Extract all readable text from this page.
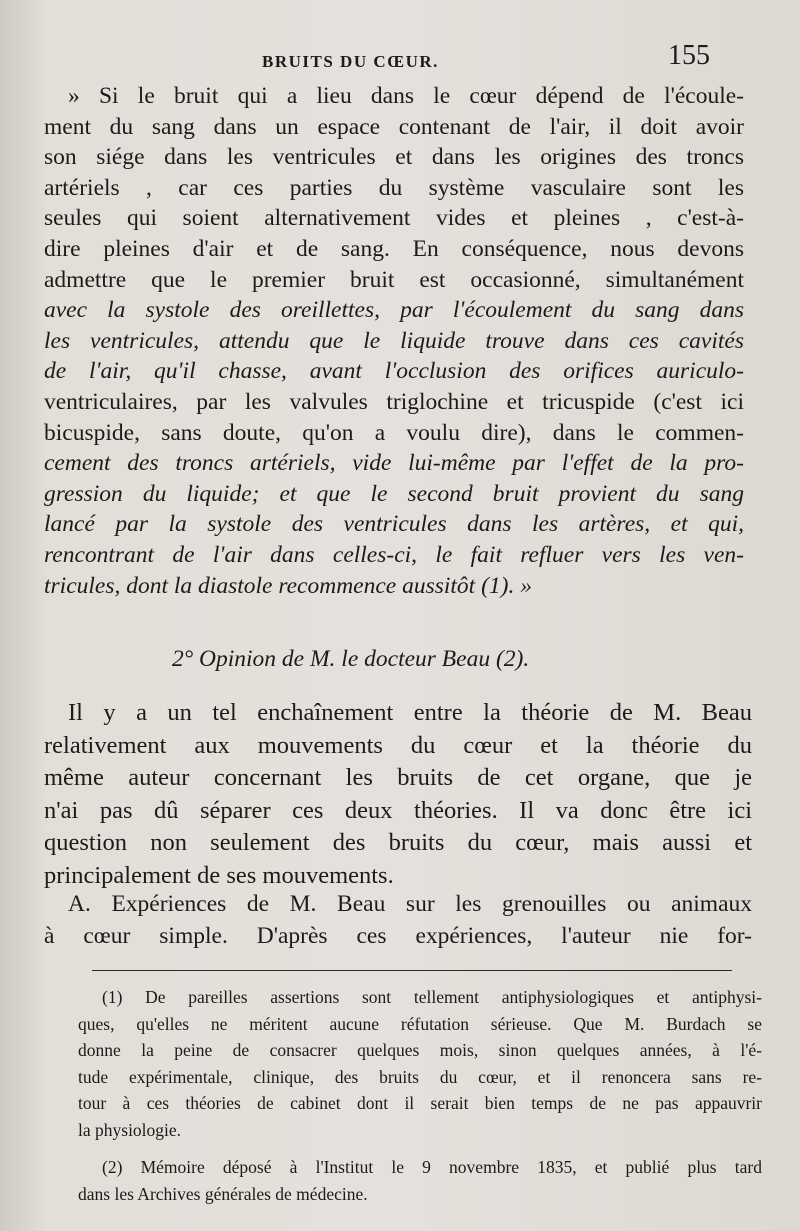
BRUITS DU CŒUR.	155
» Si le bruit qui a lieu dans le cœur dépend de l'écoule-
ment du sang dans un espace contenant de l'air, il doit avoir
son siége dans les ventricules et dans les origines des troncs
artériels , car ces parties du système vasculaire sont les
seules qui soient alternativement vides et pleines , c'est-à-
dire pleines d'air et de sang. En conséquence, nous devons
admettre que le premier bruit est occasionné, simultanément
avec la systole des oreillettes, par l'écoulement du sang dans
les ventricules, attendu que le liquide trouve dans ces cavités
de l'air, qu'il chasse, avant l'occlusion des orifices auriculo-
ventriculaires, par les valvules triglochine et tricuspide (c'est ici
bicuspide, sans doute, qu'on a voulu dire), dans le commen-
cement des troncs artériels, vide lui-même par l'effet de la pro-
gression du liquide; et que le second bruit provient du sang
lancé par la systole des ventricules dans les artères, et qui,
rencontrant de l'air dans celles-ci, le fait refluer vers les ven-
tricules, dont la diastole recommence aussitôt (1). »
2° Opinion de M. le docteur Beau (2).
Il y a un tel enchaînement entre la théorie de M. Beau
relativement aux mouvements du cœur et la théorie du
même auteur concernant les bruits de cet organe, que je
n'ai pas dû séparer ces deux théories. Il va donc être ici
question non seulement des bruits du cœur, mais aussi et
principalement de ses mouvements.
A. Expériences de M. Beau sur les grenouilles ou animaux
à cœur simple. D'après ces expériences, l'auteur nie for-
(1) De pareilles assertions sont tellement antiphysiologiques et antiphysi-
ques, qu'elles ne méritent aucune réfutation sérieuse. Que M. Burdach se
donne la peine de consacrer quelques mois, sinon quelques années, à l'é-
tude expérimentale, clinique, des bruits du cœur, et il renoncera sans re-
tour à ces théories de cabinet dont il serait bien temps de ne pas appauvrir
la physiologie.
(2) Mémoire déposé à l'Institut le 9 novembre 1835, et publié plus tard
dans les Archives générales de médecine.
